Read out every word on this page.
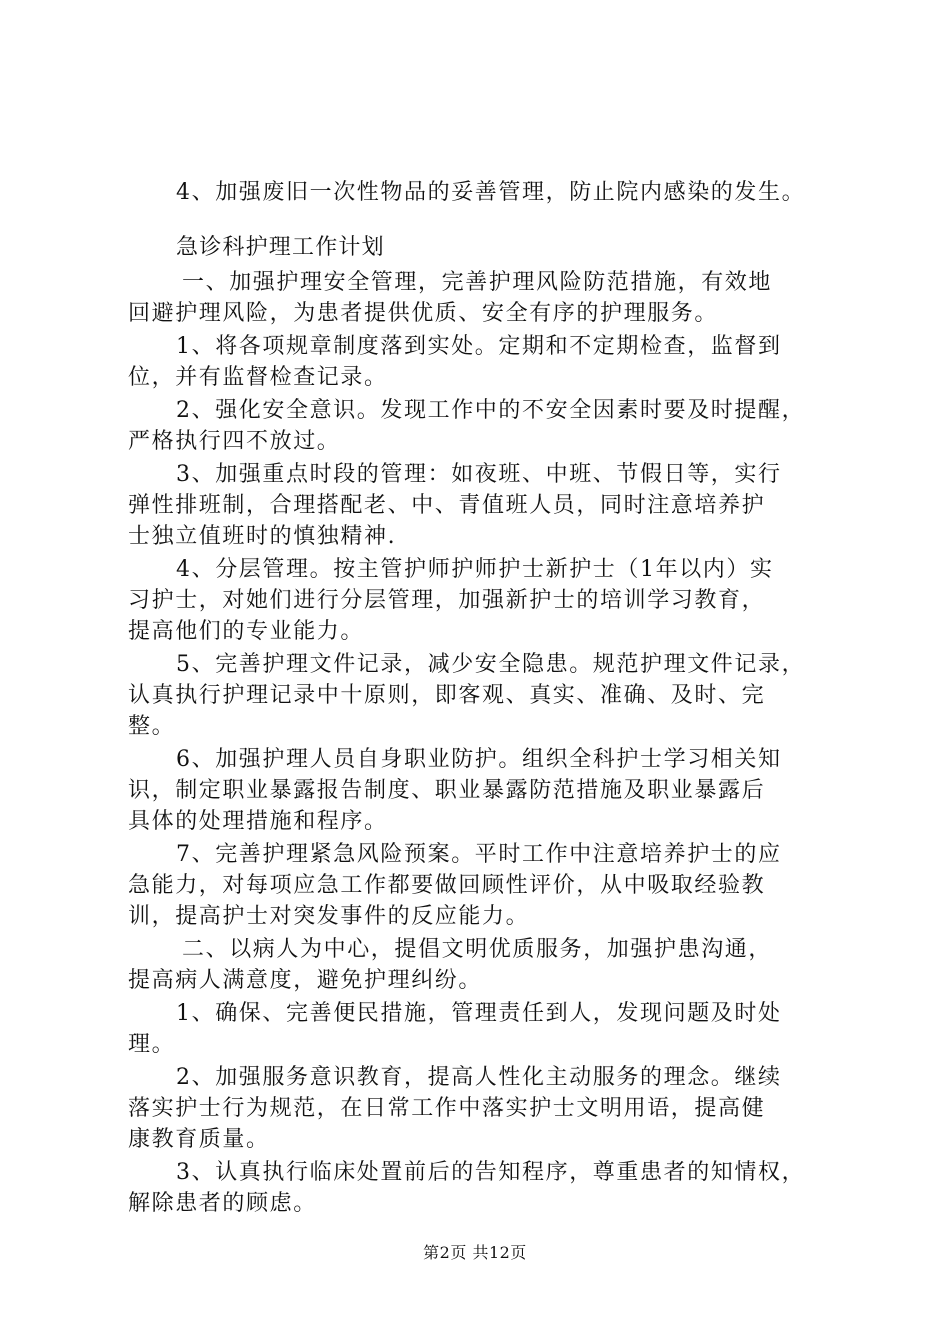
4、加强废旧一次性物品的妥善管理，防止院内感染的发生。
急诊科护理工作计划
一、加强护理安全管理，完善护理风险防范措施，有效地
回避护理风险，为患者提供优质、安全有序的护理服务。
1、将各项规章制度落到实处。定期和不定期检查，监督到
位，并有监督检查记录。
2、强化安全意识。发现工作中的不安全因素时要及时提醒，
严格执行四不放过。
3、加强重点时段的管理：如夜班、中班、节假日等，实行
弹性排班制，合理搭配老、中、青值班人员，同时注意培养护
士独立值班时的慎独精神.
4、分层管理。按主管护师护师护士新护士（1年以内）实
习护士，对她们进行分层管理，加强新护士的培训学习教育，
提高他们的专业能力。
5、完善护理文件记录，减少安全隐患。规范护理文件记录，
认真执行护理记录中十原则，即客观、真实、准确、及时、完
整。
6、加强护理人员自身职业防护。组织全科护士学习相关知
识，制定职业暴露报告制度、职业暴露防范措施及职业暴露后
具体的处理措施和程序。
7、完善护理紧急风险预案。平时工作中注意培养护士的应
急能力，对每项应急工作都要做回顾性评价，从中吸取经验教
训，提高护士对突发事件的反应能力。
二、以病人为中心，提倡文明优质服务，加强护患沟通，
提高病人满意度，避免护理纠纷。
1、确保、完善便民措施，管理责任到人，发现问题及时处
理。
2、加强服务意识教育，提高人性化主动服务的理念。继续
落实护士行为规范，在日常工作中落实护士文明用语，提高健
康教育质量。
3、认真执行临床处置前后的告知程序，尊重患者的知情权，
解除患者的顾虑。
第2页 共12页
